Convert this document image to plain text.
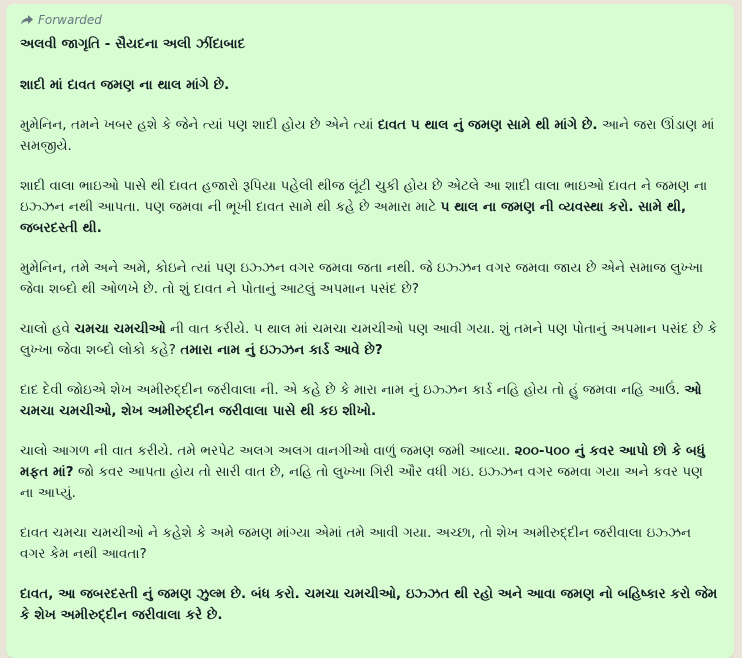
Forwarded

અલવી જાગૃતિ - સૈયદના અલી ઝીંદાબાદ

શાદી માં દાવત જમણ ના થાલ માંગે છે.

મુમેનિન, તમને ખબર હશે કે જેને ત્યાં પણ શાદી હોય છે એને ત્યાં દાવત ૫ થાલ નું જમણ સામે થી માંગે છે. આને જરા ઊંડાણ માં સમજીયે.

શાદી વાલા ભાઇઓ પાસે થી દાવત હજારો રૂપિયા પહેલી થીજ લૂંટી ચુકી હોય છે એટલે આ શાદી વાલા ભાઇઓ દાવત ને જમણ ના ઇઝ્ઝન નથી આપતા. પણ જમવા ની ભૂખી દાવત સામે થી કહે છે અમારા માટે ૫ થાલ ના જમણ ની વ્યવસ્થા કરો. સામે થી, જબરદસ્તી થી.

મુમેનિન, તમે અને અમે, કોઇને ત્યાં પણ ઇઝ્ઝન વગર જમવા જતા નથી. જે ઇઝ્ઝન વગર જમવા જાય છે એને સમાજ લુખ્ખા જેવા શબ્દો થી ઓળખે છે. તો શું દાવત ને પોતાનું આટલું અપમાન પસંદ છે?

ચાલો હવે ચમચા ચમચીઓ ની વાત કરીયે. ૫ થાલ માં ચમચા ચમચીઓ પણ આવી ગયા. શું તમને પણ પોતાનું અપમાન પસંદ છે કે લુખ્ખા જેવા શબ્દો લોકો કહે? તમારા નામ નું ઇઝ્ઝન કાર્ડ આવે છે?

દાદ દેવી જોઇએ શેખ અમીરુદ્દીન જરીવાલા ની. એ કહે છે કે મારા નામ નું ઇઝ્ઝન કાર્ડ નહિ હોય તો હું જમવા નહિ આઉં. ઓ ચમચા ચમચીઓ, શેખ અમીરુદ્દીન જરીવાલા પાસે થી કઇ શીખો.

ચાલો આગળ ની વાત કરીયે. તમે ભરપેટ અલગ અલગ વાનગીઓ વાળું જમણ જમી આવ્યા. ૨૦૦-૫૦૦ નું કવર આપો છો કે બધું મફત માં? જો કવર આપતા હોય તો સારી વાત છે, નહિ તો લુખ્ખા ગિરી ઔર વધી ગઇ. ઇઝ્ઝન વગર જમવા ગયા અને કવર પણ ના આપ્યું.

દાવત ચમચા ચમચીઓ ને કહેશે કે અમે જમણ માંગ્યા એમાં તમે આવી ગયા. અચ્છા, તો શેખ અમીરુદ્દીન જરીવાલા ઇઝ્ઝન વગર કેમ નથી આવતા?

દાવત, આ જબરદસ્તી નું જમણ ઝુલ્મ છે. બંધ કરો. ચમચા ચમચીઓ, ઇઝ્ઝત થી રહો અને આવા જમણ નો બહિષ્કાર કરો જેમ કે શેખ અમીરુદ્દીન જરીવાલા કરે છે.
